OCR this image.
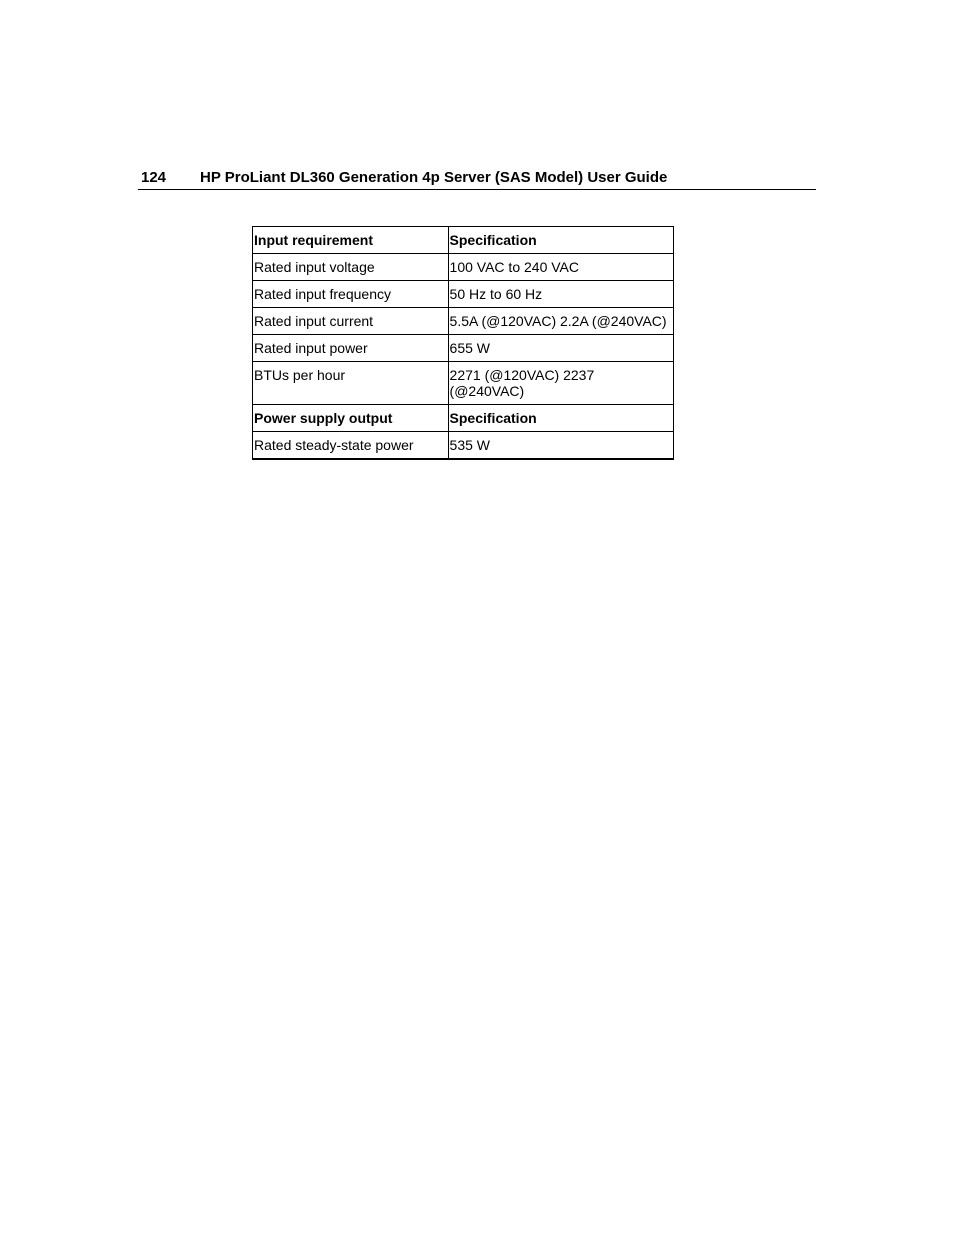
124 HP ProLiant DL360 Generation 4p Server (SAS Model) User Guide
Input requirement	Specification
Rated input voltage	100 VAC to 240 VAC
Rated input frequency	50 Hz to 60 Hz
Rated input current	5.5A (@120VAC) 2.2A (@240VAC)
Rated input power	655 W
BTUs per hour	2271 (@120VAC) 2237 (@240VAC)
Power supply output	Specification
Rated steady-state power	535 W
